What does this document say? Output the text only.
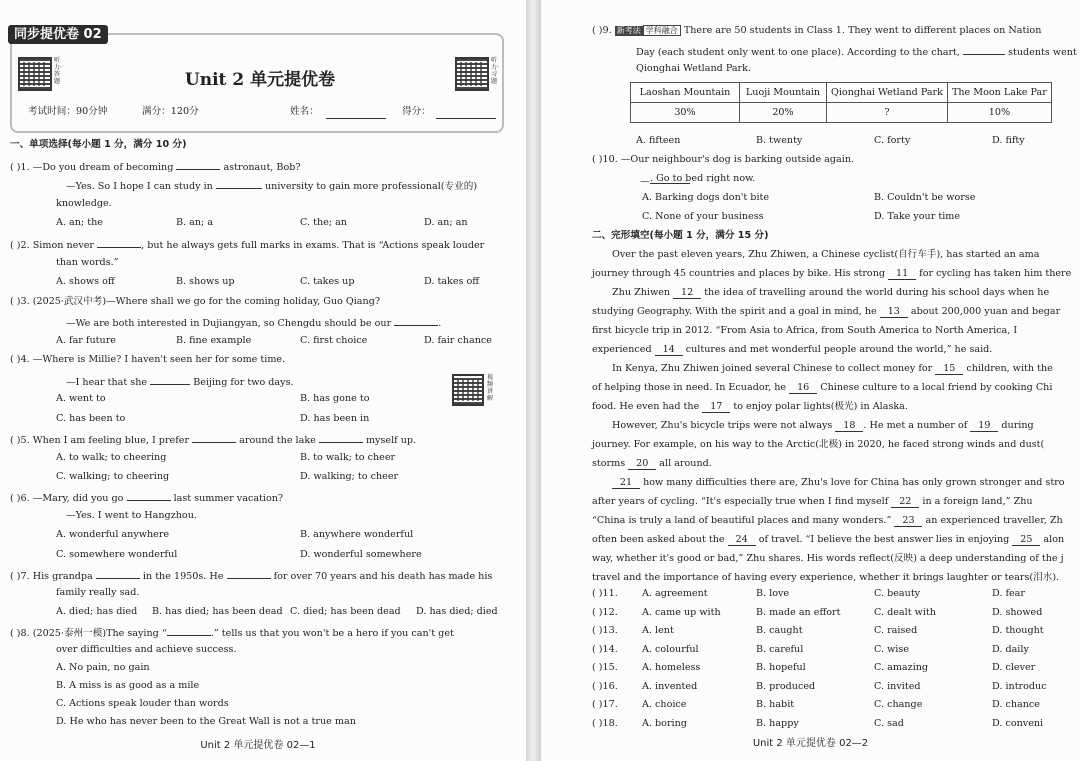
同步提优卷 02
听力·答题
听力·习题
Unit 2 单元提优卷
考试时间：90分钟	满分：120分	姓名：	得分：
一、单项选择(每小题 1 分，满分 10 分)
( )1. —Do you dream of becoming	astronaut, Bob?
—Yes. So I hope I can study in	university to gain more professional(专业的)
knowledge.
A. an; the	B. an; a	C. the; an	D. an; an
( )2. Simon never	, but he always gets full marks in exams. That is “Actions speak louder
than words.”
A. shows off	B. shows up	C. takes up	D. takes off
( )3. (2025·武汉中考)—Where shall we go for the coming holiday, Guo Qiang?
—We are both interested in Dujiangyan, so Chengdu should be our	.
A. far future	B. fine example	C. first choice	D. fair chance
( )4. —Where is Millie? I haven't seen her for some time.
—I hear that she	Beijing for two days.	视频讲解
A. went to	B. has gone to
C. has been to	D. has been in
( )5. When I am feeling blue, I prefer	around the lake	myself up.
A. to walk; to cheering	B. to walk; to cheer
C. walking; to cheering	D. walking; to cheer
( )6. —Mary, did you go	last summer vacation?
—Yes. I went to Hangzhou.
A. wonderful anywhere	B. anywhere wonderful
C. somewhere wonderful	D. wonderful somewhere
( )7. His grandpa	in the 1950s. He	for over 70 years and his death has made his
family really sad.
A. died; has died B. has died; has been dead C. died; has been dead D. has died; died
( )8. (2025·泰州一模)The saying “	.” tells us that you won't be a hero if you can't get
over difficulties and achieve success.
A. No pain, no gain
B. A miss is as good as a mile
C. Actions speak louder than words
D. He who has never been to the Great Wall is not a true man
Unit 2 单元提优卷 02—1
( )9. 新考法 学科融合 There are 50 students in Class 1. They went to different places on Nation
Day (each student only went to one place). According to the chart,	students went
Qionghai Wetland Park.
Laoshan Mountain	Luoji Mountain	Qionghai Wetland Park	The Moon Lake Par
30%	20%	?	10%
A. fifteen	B. twenty	C. forty	D. fifty
( )10. —Our neighbour's dog is barking outside again.
. Go to bed right now.
—
A. Barking dogs don't bite	B. Couldn't be worse
C. None of your business	D. Take your time
二、完形填空(每小题 1 分，满分 15 分)
Over the past eleven years, Zhu Zhiwen, a Chinese cyclist(自行车手), has started an ama
journey through 45 countries and places by bike. His strong 11 for cycling has taken him there
Zhu Zhiwen 12 the idea of travelling around the world during his school days when he
studying Geography. With the spirit and a goal in mind, he 13 about 200,000 yuan and begar
first bicycle trip in 2012. “From Asia to Africa, from South America to North America, I
experienced 14 cultures and met wonderful people around the world,” he said.
In Kenya, Zhu Zhiwen joined several Chinese to collect money for 15 children, with the
of helping those in need. In Ecuador, he 16 Chinese culture to a local friend by cooking Chi
food. He even had the 17 to enjoy polar lights(极光) in Alaska.
However, Zhu's bicycle trips were not always 18 . He met a number of 19 during
journey. For example, on his way to the Arctic(北极) in 2020, he faced strong winds and dust(
storms 20 all around.
21 how many difficulties there are, Zhu's love for China has only grown stronger and stro
after years of cycling. “It's especially true when I find myself 22 in a foreign land,” Zhu
“China is truly a land of beautiful places and many wonders.” 23 an experienced traveller, Zh
often been asked about the 24 of travel. “I believe the best answer lies in enjoying 25 alon
way, whether it's good or bad,” Zhu shares. His words reflect(反映) a deep understanding of the j
travel and the importance of having every experience, whether it brings laughter or tears(泪水).
( )11.	A. agreement	B. love	C. beauty	D. fear
( )12.	A. came up with	B. made an effort	C. dealt with	D. showed
( )13.	A. lent	B. caught	C. raised	D. thought
( )14.	A. colourful	B. careful	C. wise	D. daily
( )15.	A. homeless	B. hopeful	C. amazing	D. clever
( )16.	A. invented	B. produced	C. invited	D. introduc
( )17.	A. choice	B. habit	C. change	D. chance
( )18.	A. boring	B. happy	C. sad	D. conveni
Unit 2 单元提优卷 02—2
